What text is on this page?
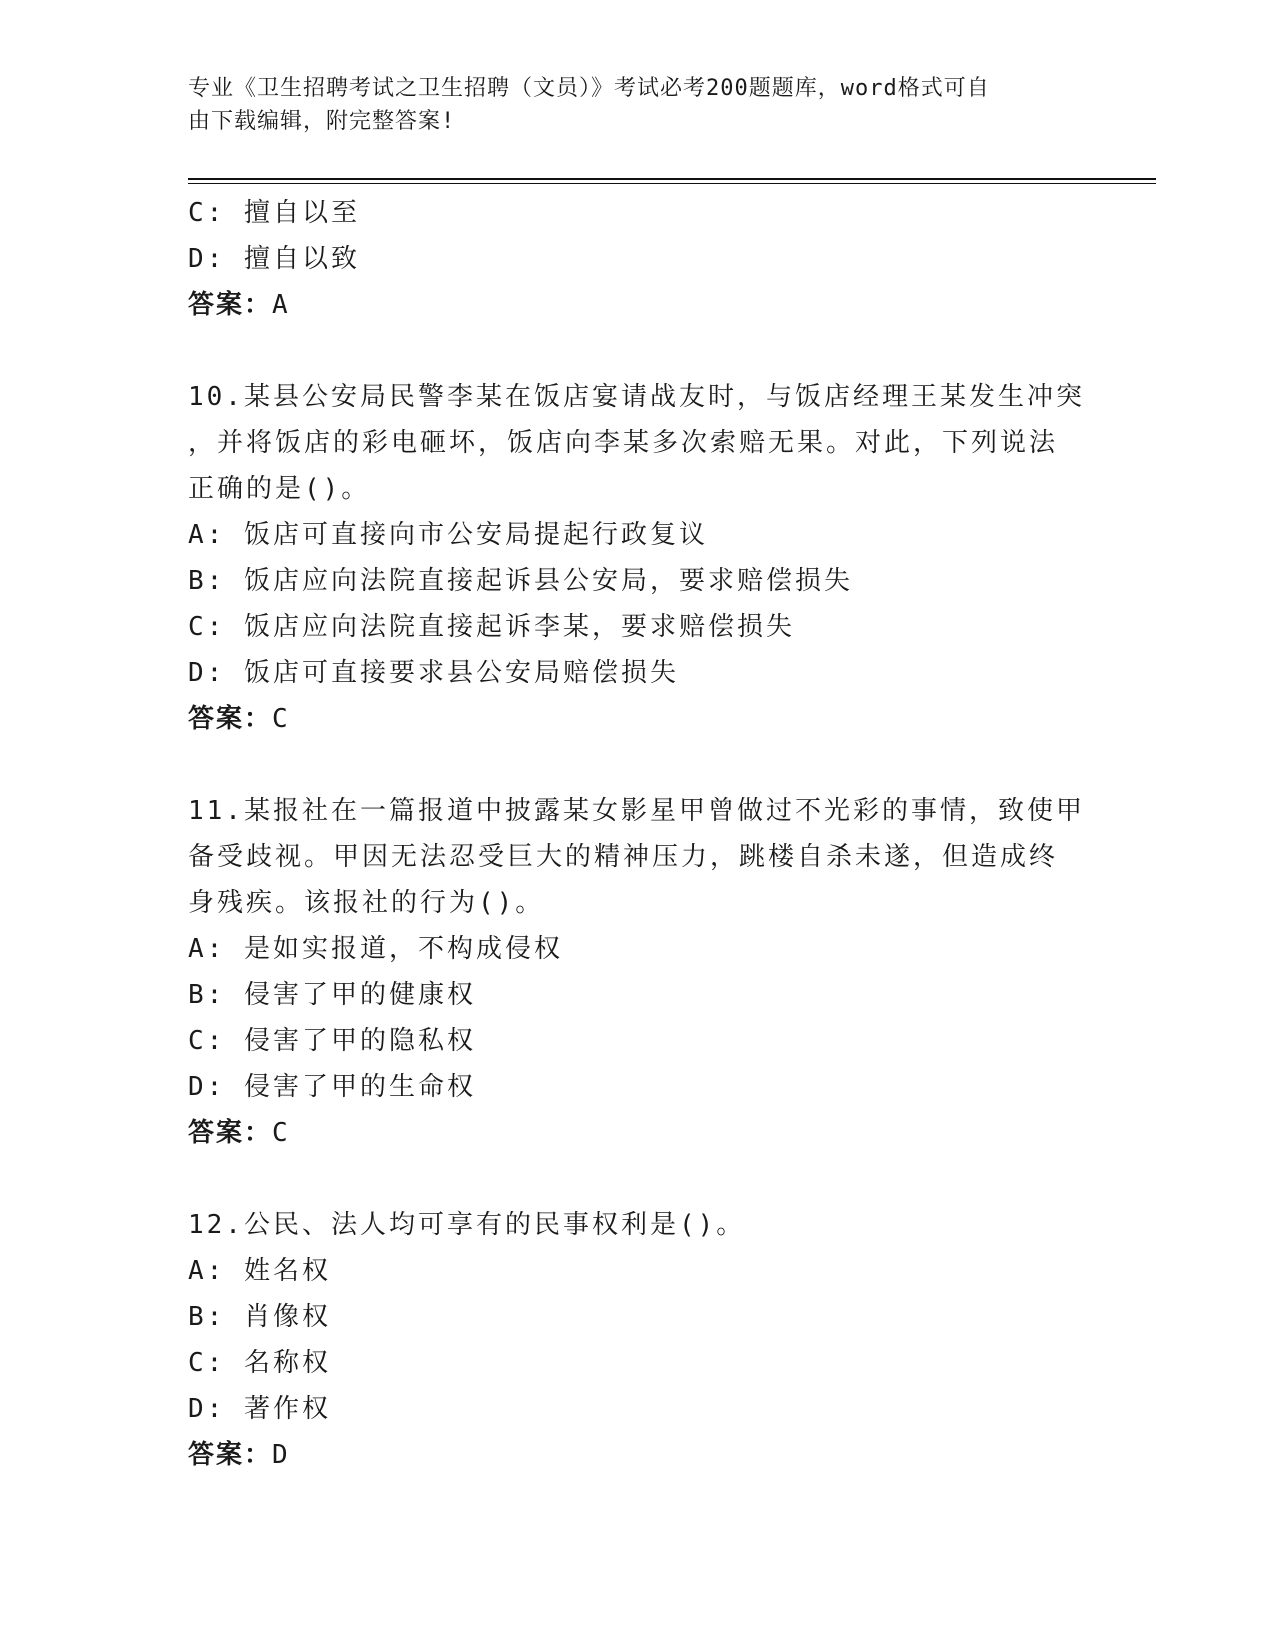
专业《卫生招聘考试之卫生招聘（文员）》考试必考200题题库，word格式可自
由下载编辑，附完整答案!
C: 擅自以至
D: 擅自以致
答案：A
10.某县公安局民警李某在饭店宴请战友时，与饭店经理王某发生冲突
，并将饭店的彩电砸坏，饭店向李某多次索赔无果。对此，下列说法
正确的是()。
A: 饭店可直接向市公安局提起行政复议
B: 饭店应向法院直接起诉县公安局，要求赔偿损失
C: 饭店应向法院直接起诉李某，要求赔偿损失
D: 饭店可直接要求县公安局赔偿损失
答案：C
11.某报社在一篇报道中披露某女影星甲曾做过不光彩的事情，致使甲
备受歧视。甲因无法忍受巨大的精神压力，跳楼自杀未遂，但造成终
身残疾。该报社的行为()。
A: 是如实报道，不构成侵权
B: 侵害了甲的健康权
C: 侵害了甲的隐私权
D: 侵害了甲的生命权
答案：C
12.公民、法人均可享有的民事权利是()。
A: 姓名权
B: 肖像权
C: 名称权
D: 著作权
答案：D
